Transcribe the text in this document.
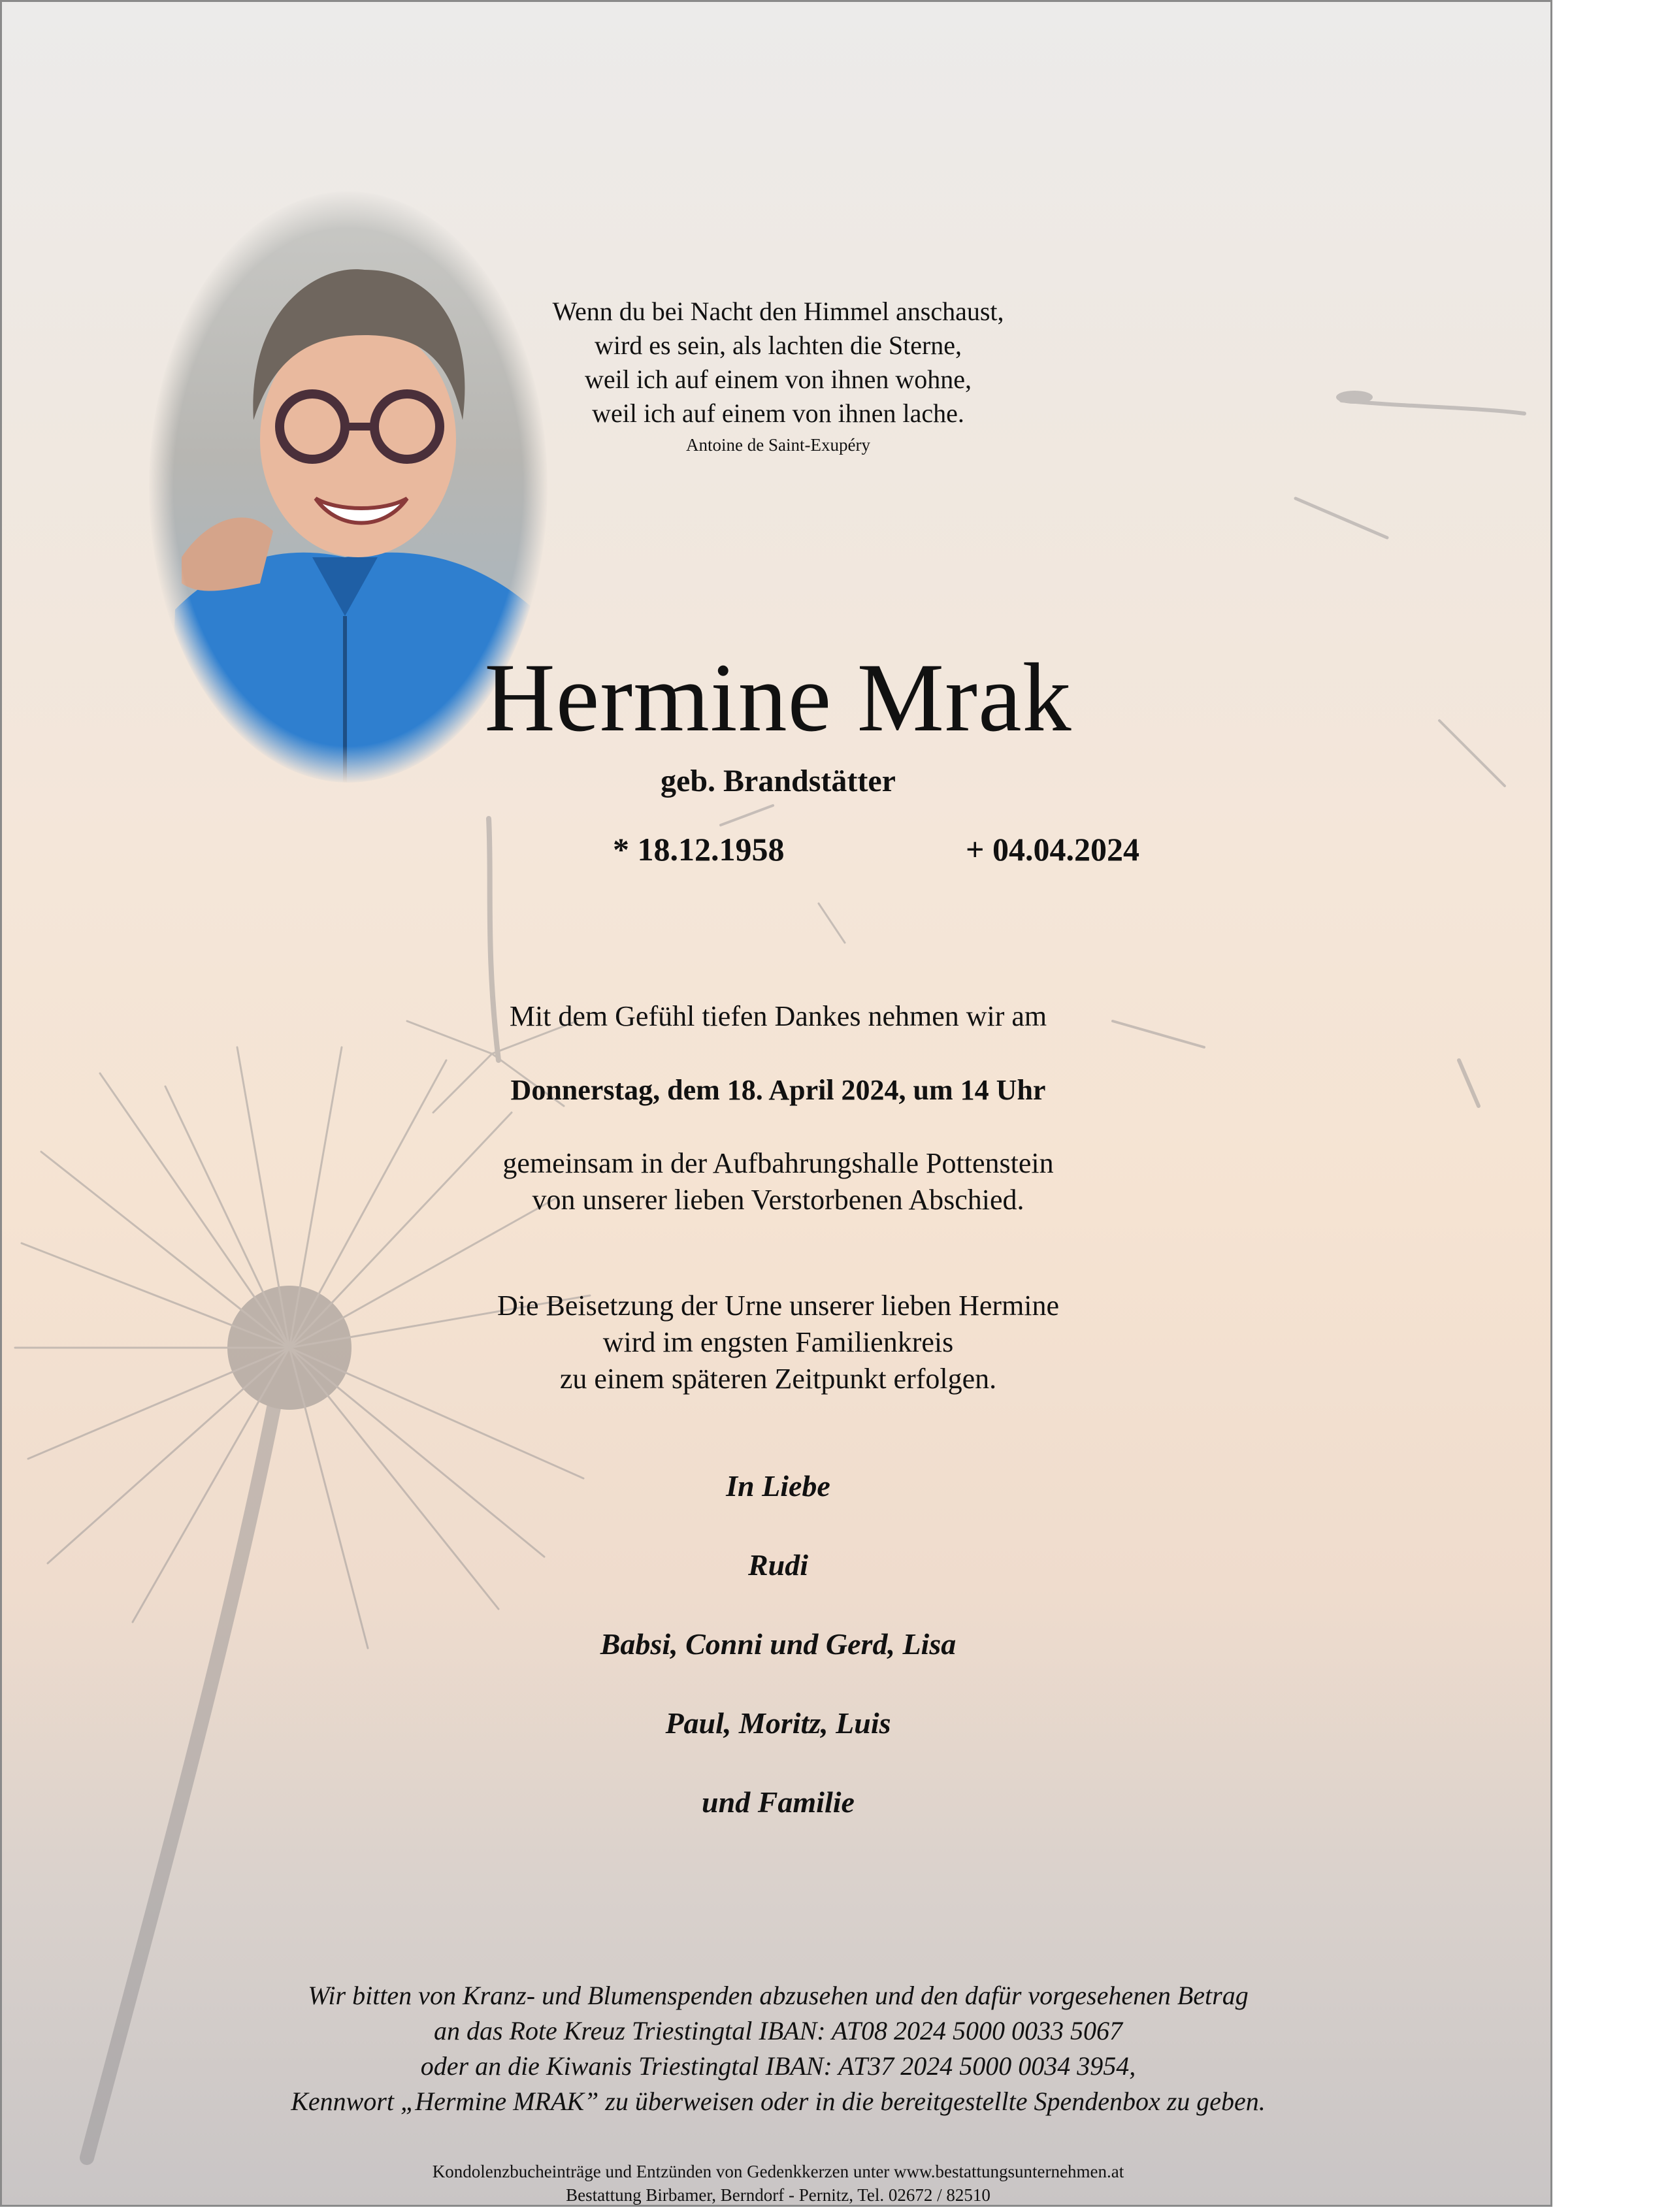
Wenn du bei Nacht den Himmel anschaust,
wird es sein, als lachten die Sterne,
weil ich auf einem von ihnen wohne,
weil ich auf einem von ihnen lache.
Antoine de Saint-Exupéry
Hermine Mrak
geb. Brandstätter
* 18.12.1958	+ 04.04.2024
Mit dem Gefühl tiefen Dankes nehmen wir am
Donnerstag, dem 18. April 2024, um 14 Uhr
gemeinsam in der Aufbahrungshalle Pottenstein
von unserer lieben Verstorbenen Abschied.
Die Beisetzung der Urne unserer lieben Hermine
wird im engsten Familienkreis
zu einem späteren Zeitpunkt erfolgen.
In Liebe
Rudi
Babsi, Conni und Gerd, Lisa
Paul, Moritz, Luis
und Familie
Wir bitten von Kranz- und Blumenspenden abzusehen und den dafür vorgesehenen Betrag
an das Rote Kreuz Triestingtal IBAN: AT08 2024 5000 0033 5067
oder an die Kiwanis Triestingtal IBAN: AT37 2024 5000 0034 3954,
Kennwort „Hermine MRAK” zu überweisen oder in die bereitgestellte Spendenbox zu geben.
Kondolenzbucheinträge und Entzünden von Gedenkkerzen unter www.bestattungsunternehmen.at
Bestattung Birbamer, Berndorf - Pernitz, Tel. 02672 / 82510
